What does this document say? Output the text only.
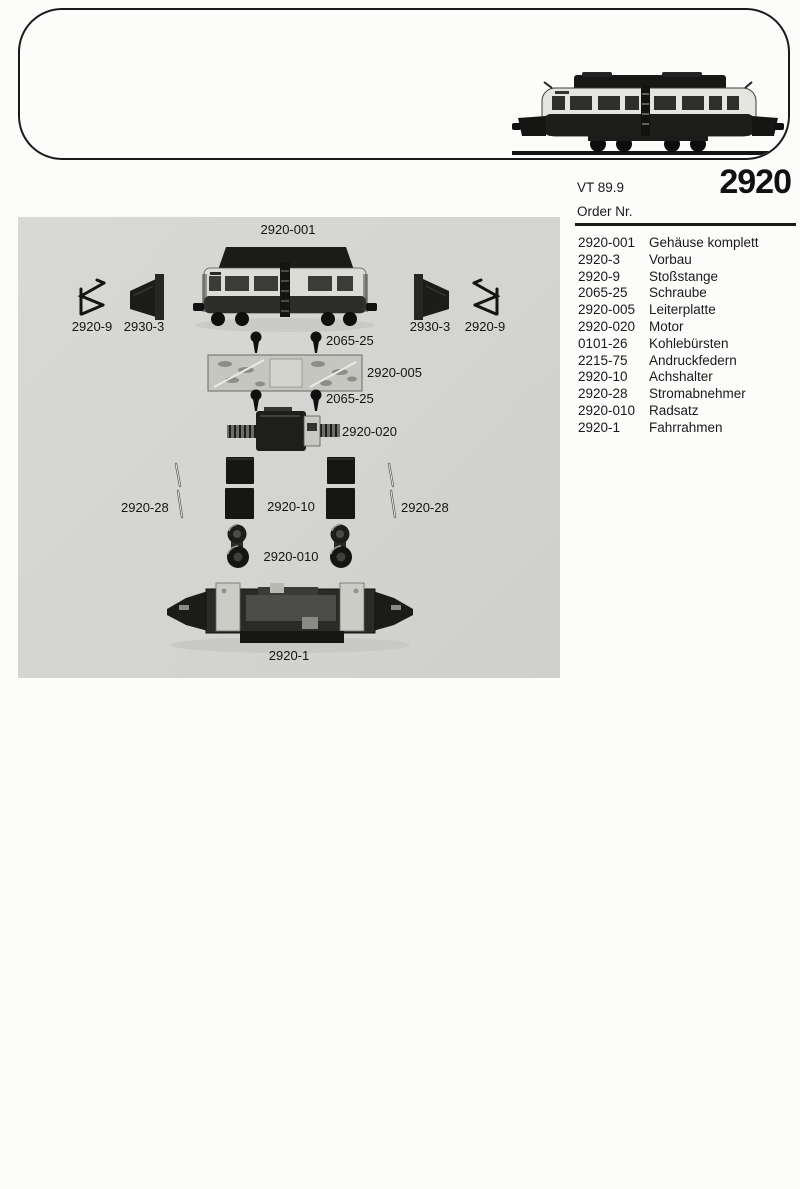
VT 89.9	2920
Order Nr.
2920-001	Gehäuse komplett
2920-3	Vorbau
2920-9	Stoßstange
2065-25	Schraube
2920-005	Leiterplatte
2920-020	Motor
0101-26	Kohlebürsten
2215-75	Andruckfedern
2920-10	Achshalter
2920-28	Stromabnehmer
2920-010	Radsatz
2920-1	Fahrrahmen
2920-001
2920-9 2930-3	2930-3	2920-9
2065-25
2920-005
2065-25
2920-020
2920-28	2920-10	2920-28
2920-010
2920-1
